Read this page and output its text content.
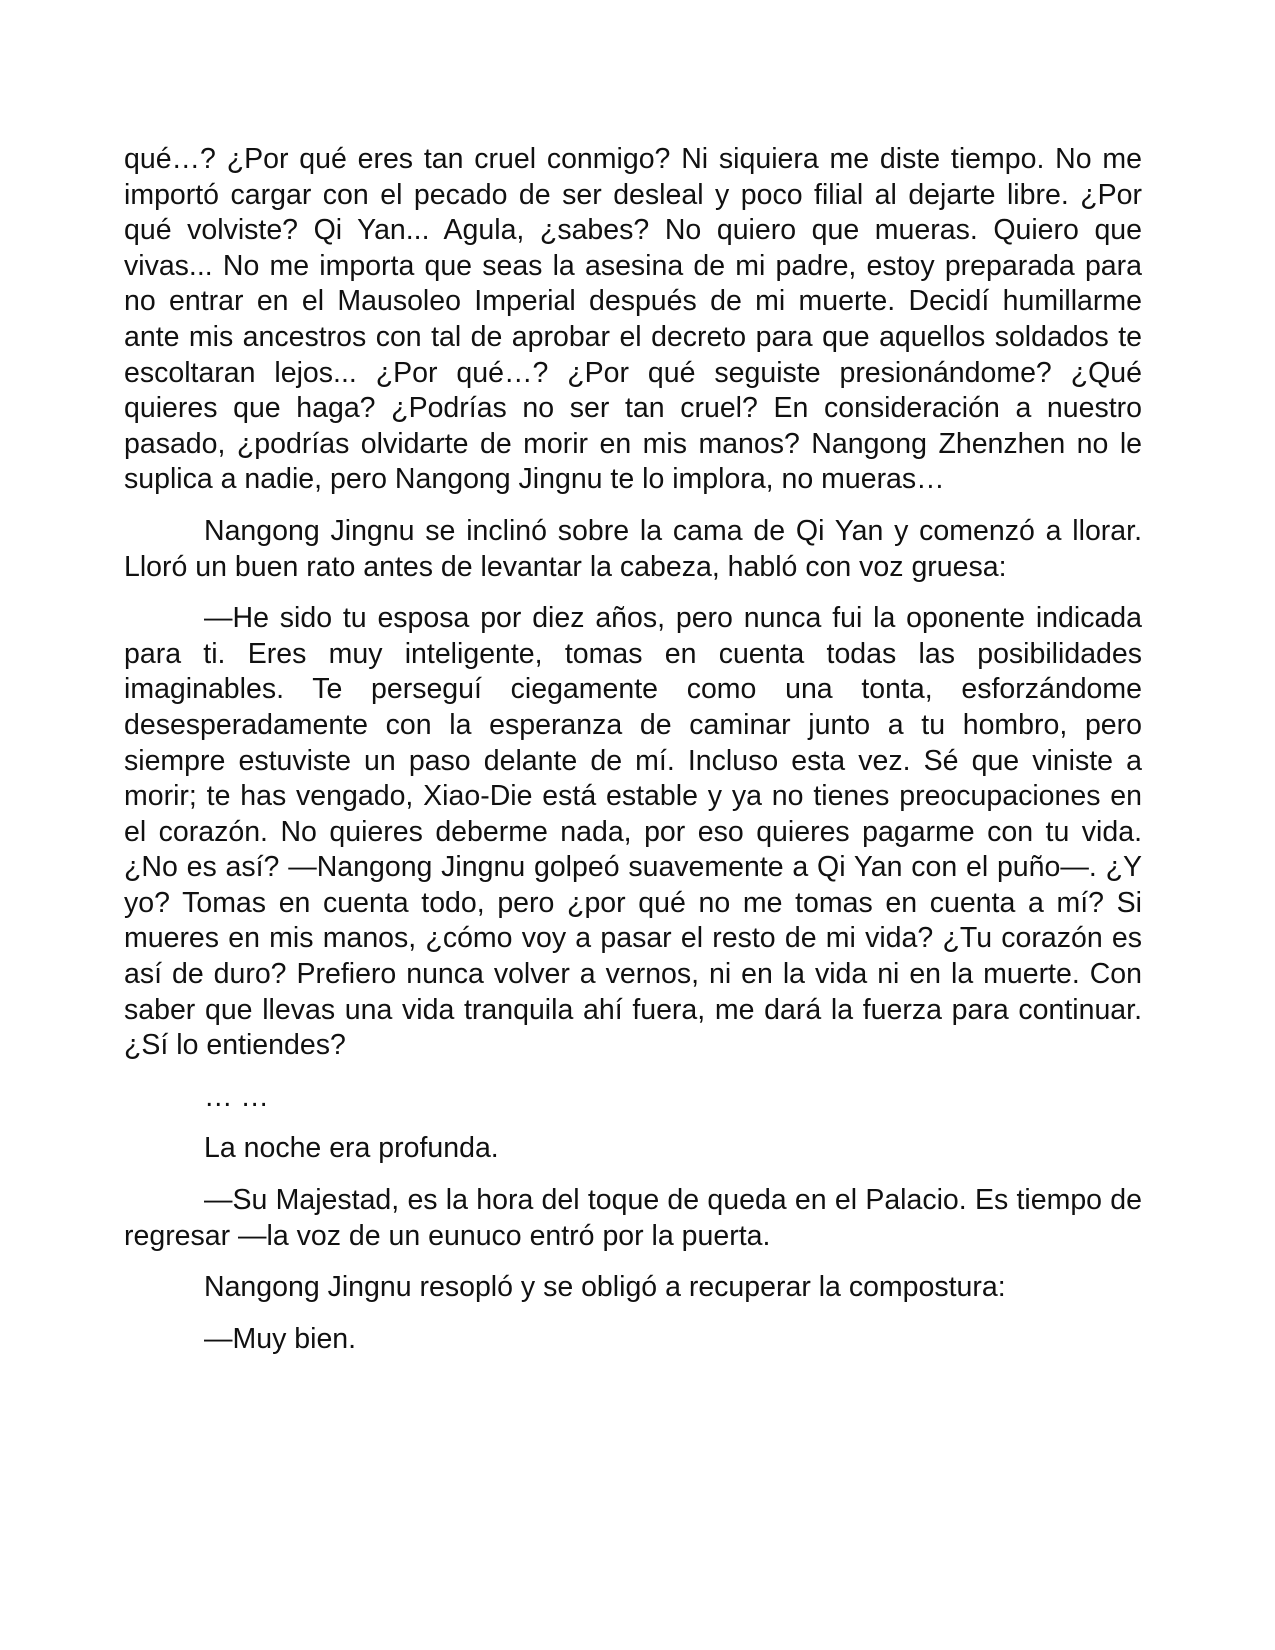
qué…? ¿Por qué eres tan cruel conmigo? Ni siquiera me diste tiempo. No me importó cargar con el pecado de ser desleal y poco filial al dejarte libre. ¿Por qué volviste? Qi Yan... Agula, ¿sabes? No quiero que mueras. Quiero que vivas... No me importa que seas la asesina de mi padre, estoy preparada para no entrar en el Mausoleo Imperial después de mi muerte. Decidí humillarme ante mis ancestros con tal de aprobar el decreto para que aquellos soldados te escoltaran lejos... ¿Por qué…? ¿Por qué seguiste presionándome? ¿Qué quieres que haga? ¿Podrías no ser tan cruel? En consideración a nuestro pasado, ¿podrías olvidarte de morir en mis manos? Nangong Zhenzhen no le suplica a nadie, pero Nangong Jingnu te lo implora, no mueras…

Nangong Jingnu se inclinó sobre la cama de Qi Yan y comenzó a llorar. Lloró un buen rato antes de levantar la cabeza, habló con voz gruesa:

—He sido tu esposa por diez años, pero nunca fui la oponente indicada para ti. Eres muy inteligente, tomas en cuenta todas las posibilidades imaginables. Te perseguí ciegamente como una tonta, esforzándome desesperadamente con la esperanza de caminar junto a tu hombro, pero siempre estuviste un paso delante de mí. Incluso esta vez. Sé que viniste a morir; te has vengado, Xiao-Die está estable y ya no tienes preocupaciones en el corazón. No quieres deberme nada, por eso quieres pagarme con tu vida. ¿No es así? —Nangong Jingnu golpeó suavemente a Qi Yan con el puño—. ¿Y yo? Tomas en cuenta todo, pero ¿por qué no me tomas en cuenta a mí? Si mueres en mis manos, ¿cómo voy a pasar el resto de mi vida? ¿Tu corazón es así de duro? Prefiero nunca volver a vernos, ni en la vida ni en la muerte. Con saber que llevas una vida tranquila ahí fuera, me dará la fuerza para continuar. ¿Sí lo entiendes?

… …

La noche era profunda.

—Su Majestad, es la hora del toque de queda en el Palacio. Es tiempo de regresar —la voz de un eunuco entró por la puerta.

Nangong Jingnu resopló y se obligó a recuperar la compostura:

—Muy bien.
